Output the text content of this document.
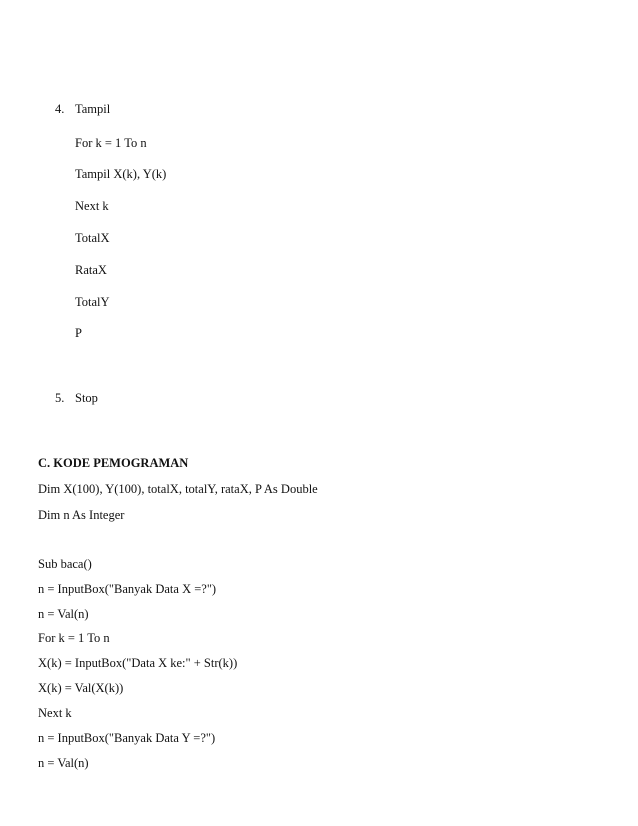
4. Tampil
For k = 1 To n
Tampil X(k), Y(k)
Next k
TotalX
RataX
TotalY
P
5. Stop
C. KODE PEMOGRAMAN
Dim X(100), Y(100), totalX, totalY, rataX, P As Double
Dim n As Integer
Sub baca()
n = InputBox("Banyak Data X =?")
n = Val(n)
For k = 1 To n
X(k) = InputBox("Data X ke:" + Str(k))
X(k) = Val(X(k))
Next k
n = InputBox("Banyak Data Y =?")
n = Val(n)
